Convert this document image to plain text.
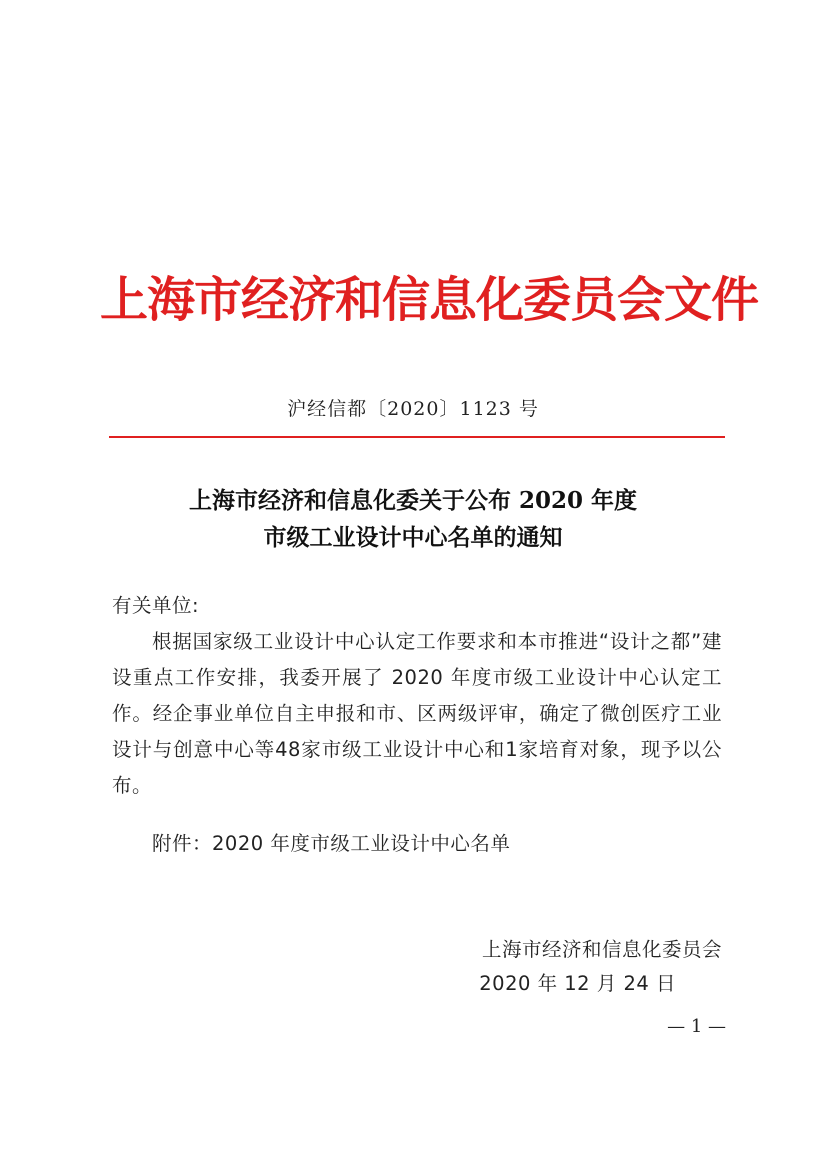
上海市经济和信息化委员会文件
沪经信都〔2020〕1123 号
上海市经济和信息化委关于公布 2020 年度
市级工业设计中心名单的通知
有关单位:
根据国家级工业设计中心认定工作要求和本市推进“设计之都”建设重点工作安排，我委开展了 2020 年度市级工业设计中心认定工作。经企事业单位自主申报和市、区两级评审，确定了微创医疗工业设计与创意中心等48家市级工业设计中心和1家培育对象，现予以公布。
附件：2020 年度市级工业设计中心名单
上海市经济和信息化委员会
2020 年 12 月 24 日
— 1 —
